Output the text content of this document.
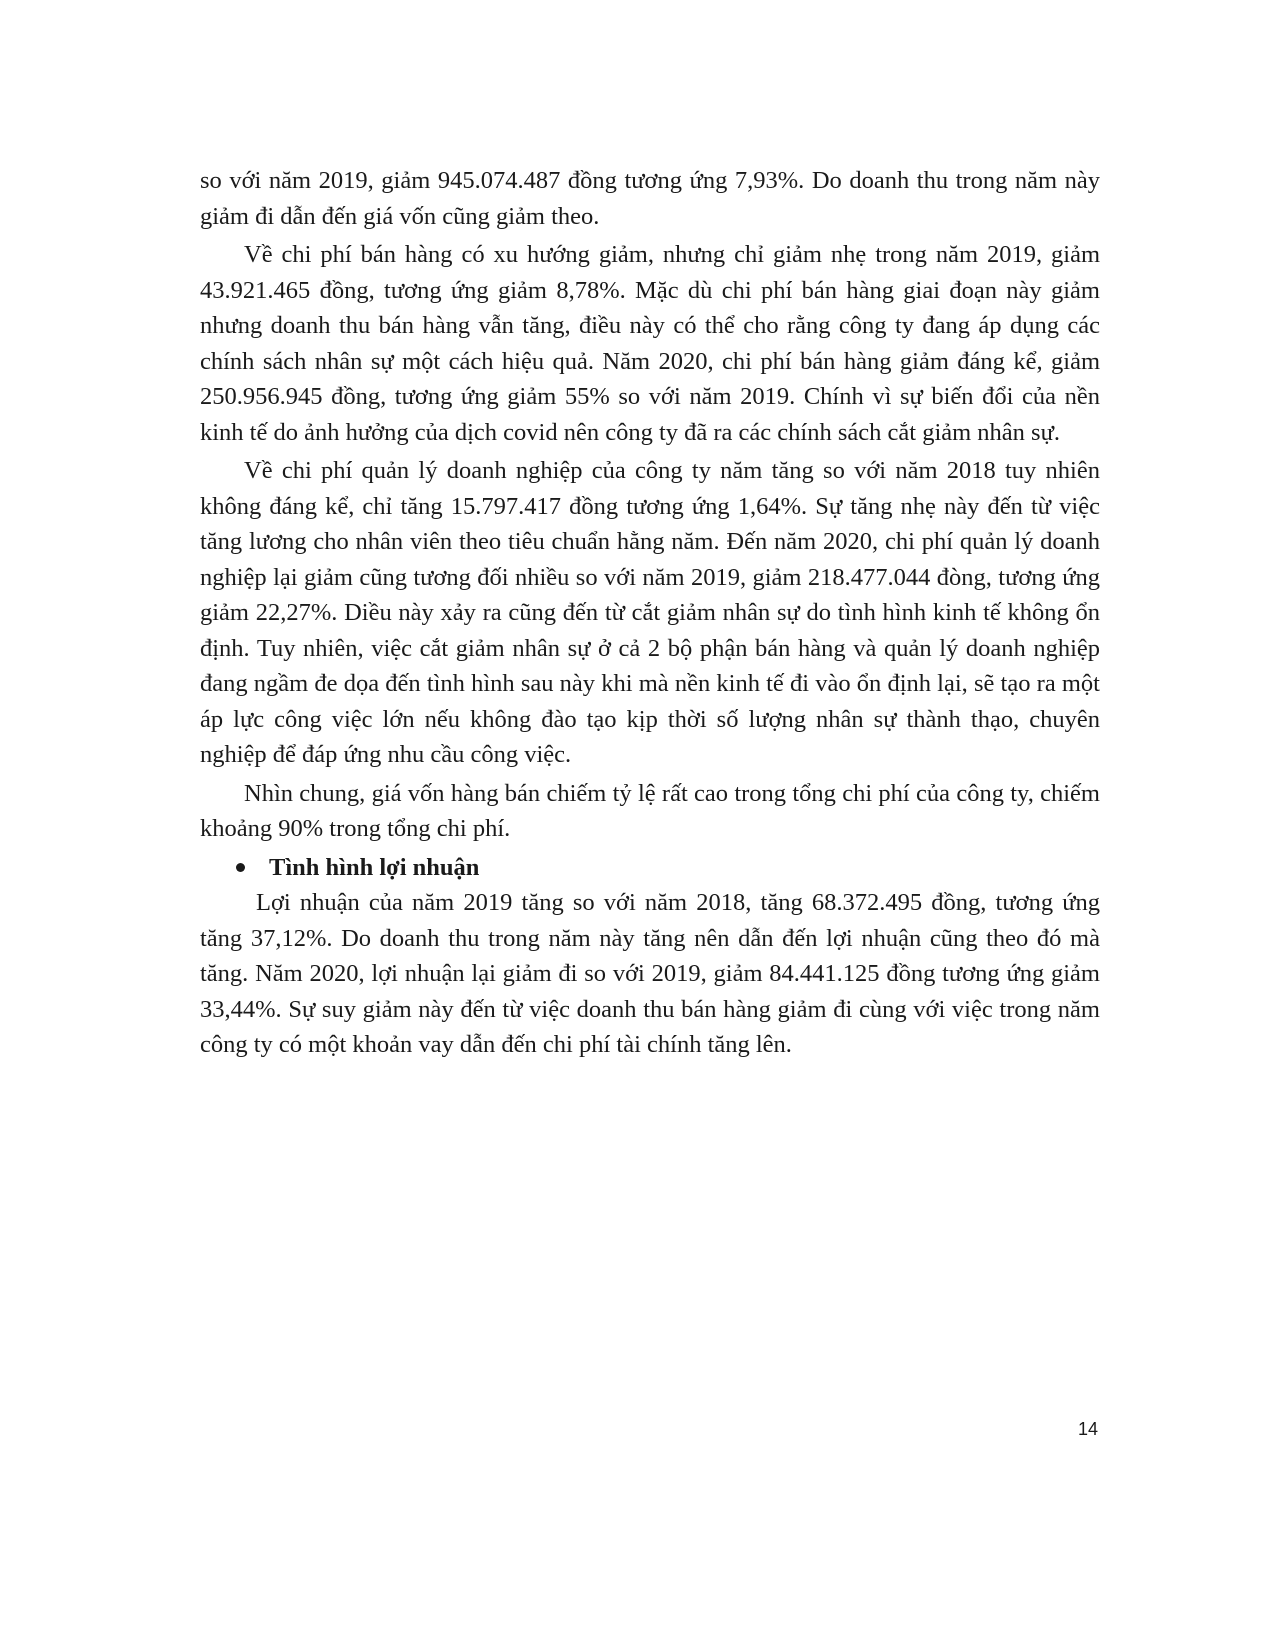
so với năm 2019, giảm 945.074.487 đồng tương ứng 7,93%. Do doanh thu trong năm này giảm đi dẫn đến giá vốn cũng giảm theo.

Về chi phí bán hàng có xu hướng giảm, nhưng chỉ giảm nhẹ trong năm 2019, giảm 43.921.465 đồng, tương ứng giảm 8,78%. Mặc dù chi phí bán hàng giai đoạn này giảm nhưng doanh thu bán hàng vẫn tăng, điều này có thể cho rằng công ty đang áp dụng các chính sách nhân sự một cách hiệu quả. Năm 2020, chi phí bán hàng giảm đáng kể, giảm 250.956.945 đồng, tương ứng giảm 55% so với năm 2019. Chính vì sự biến đổi của nền kinh tế do ảnh hưởng của dịch covid nên công ty đã ra các chính sách cắt giảm nhân sự.

Về chi phí quản lý doanh nghiệp của công ty năm tăng so với năm 2018 tuy nhiên không đáng kể, chỉ tăng 15.797.417 đồng tương ứng 1,64%. Sự tăng nhẹ này đến từ việc tăng lương cho nhân viên theo tiêu chuẩn hằng năm. Đến năm 2020, chi phí quản lý doanh nghiệp lại giảm cũng tương đối nhiều so với năm 2019, giảm 218.477.044 đòng, tương ứng giảm 22,27%. Diều này xảy ra cũng đến từ cắt giảm nhân sự do tình hình kinh tế không ổn định. Tuy nhiên, việc cắt giảm nhân sự ở cả 2 bộ phận bán hàng và quản lý doanh nghiệp đang ngầm đe dọa đến tình hình sau này khi mà nền kinh tế đi vào ổn định lại, sẽ tạo ra một áp lực công việc lớn nếu không đào tạo kịp thời số lượng nhân sự thành thạo, chuyên nghiệp để đáp ứng nhu cầu công việc.

Nhìn chung, giá vốn hàng bán chiếm tỷ lệ rất cao trong tổng chi phí của công ty, chiếm khoảng 90% trong tổng chi phí.

Tình hình lợi nhuận

Lợi nhuận của năm 2019 tăng so với năm 2018, tăng 68.372.495 đồng, tương ứng tăng 37,12%. Do doanh thu trong năm này tăng nên dẫn đến lợi nhuận cũng theo đó mà tăng. Năm 2020, lợi nhuận lại giảm đi so với 2019, giảm 84.441.125 đồng tương ứng giảm 33,44%. Sự suy giảm này đến từ việc doanh thu bán hàng giảm đi cùng với việc trong năm công ty có một khoản vay dẫn đến chi phí tài chính tăng lên.

14
